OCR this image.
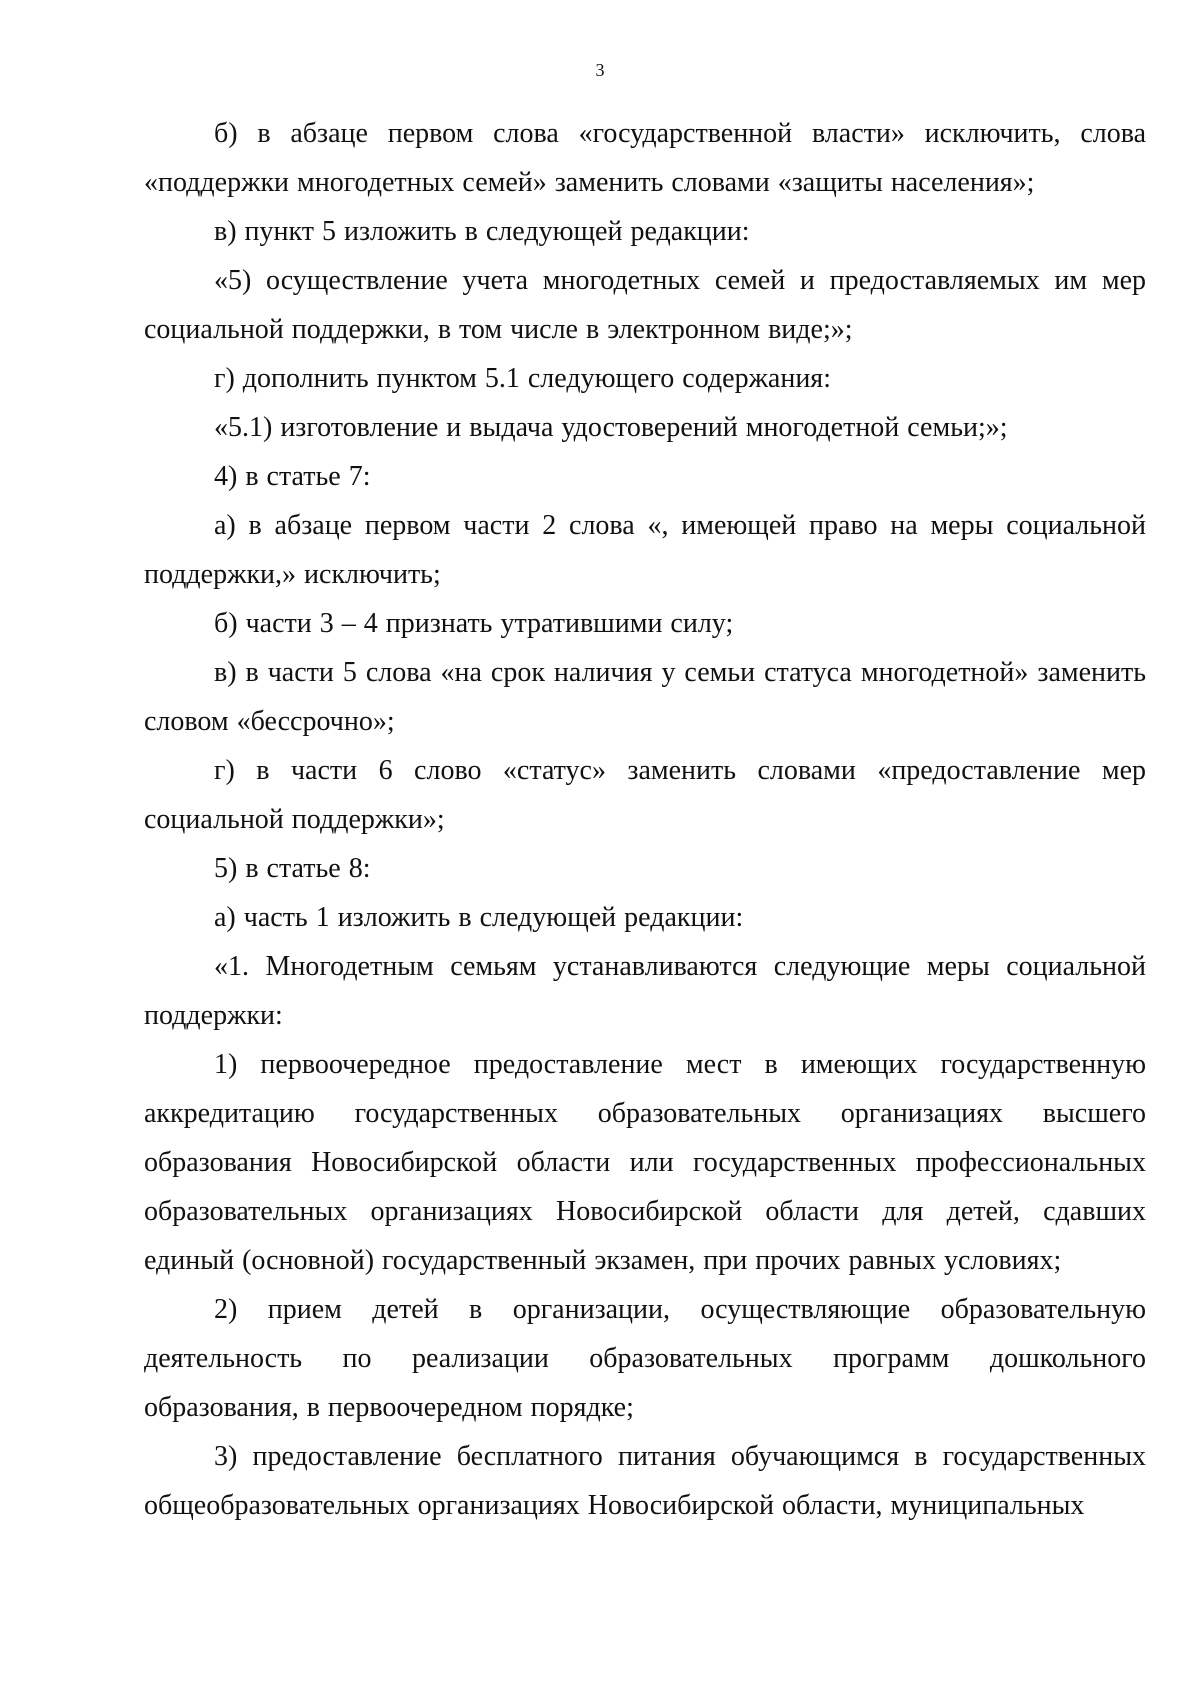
3

б) в абзаце первом слова «государственной власти» исключить, слова «поддержки многодетных семей» заменить словами «защиты населения»;

в) пункт 5 изложить в следующей редакции:

«5) осуществление учета многодетных семей и предоставляемых им мер социальной поддержки, в том числе в электронном виде;»;

г) дополнить пунктом 5.1 следующего содержания:

«5.1) изготовление и выдача удостоверений многодетной семьи;»;

4) в статье 7:

а) в абзаце первом части 2 слова «, имеющей право на меры социальной поддержки,» исключить;

б) части 3 – 4 признать утратившими силу;

в) в части 5 слова «на срок наличия у семьи статуса многодетной» заменить словом «бессрочно»;

г) в части 6 слово «статус» заменить словами «предоставление мер социальной поддержки»;

5) в статье 8:

а) часть 1 изложить в следующей редакции:

«1. Многодетным семьям устанавливаются следующие меры социальной поддержки:

1) первоочередное предоставление мест в имеющих государственную аккредитацию государственных образовательных организациях высшего образования Новосибирской области или государственных профессиональных образовательных организациях Новосибирской области для детей, сдавших единый (основной) государственный экзамен, при прочих равных условиях;

2) прием детей в организации, осуществляющие образовательную деятельность по реализации образовательных программ дошкольного образования, в первоочередном порядке;

3) предоставление бесплатного питания обучающимся в государственных общеобразовательных организациях Новосибирской области, муниципальных
